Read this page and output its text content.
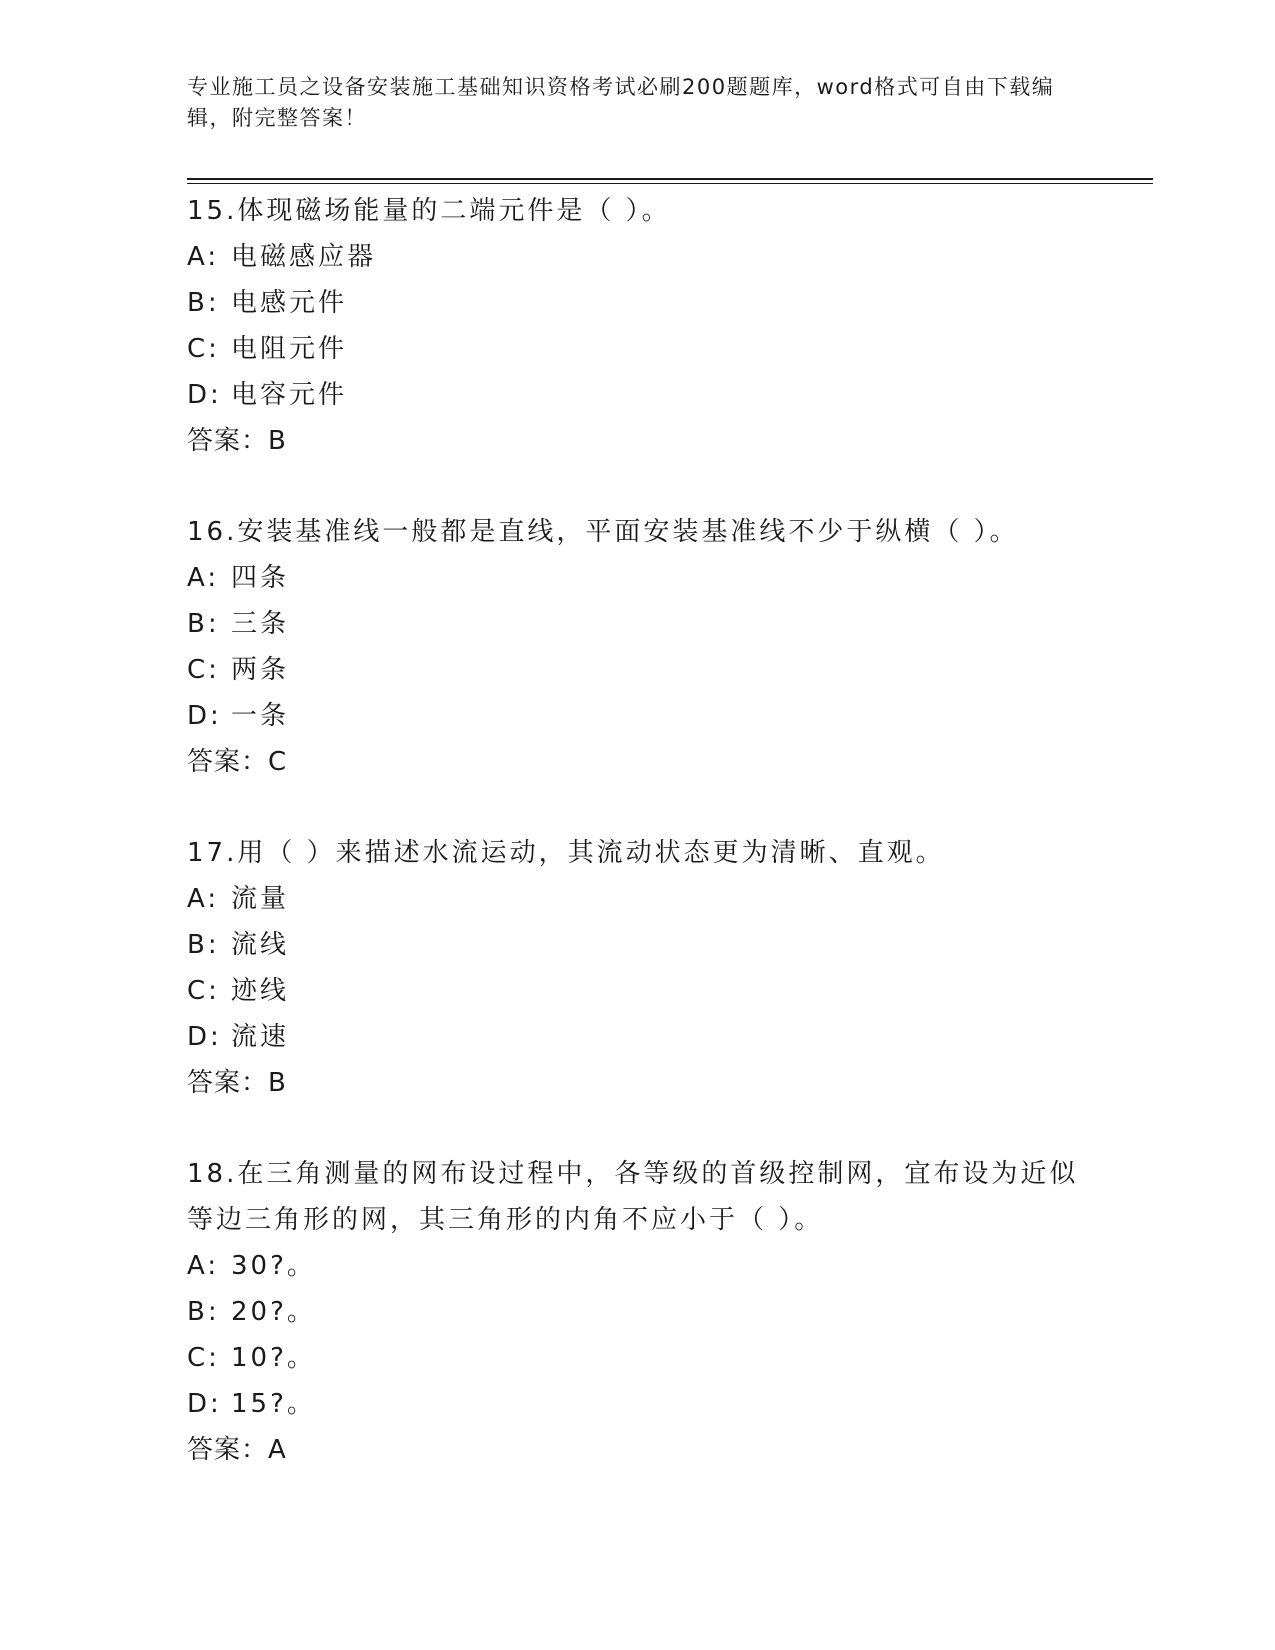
专业施工员之设备安装施工基础知识资格考试必刷200题题库，word格式可自由下载编辑，附完整答案！
15.体现磁场能量的二端元件是（ ）。
A: 电磁感应器
B: 电感元件
C: 电阻元件
D: 电容元件
答案：B
16.安装基准线一般都是直线，平面安装基准线不少于纵横（ ）。
A: 四条
B: 三条
C: 两条
D: 一条
答案：C
17.用（ ）来描述水流运动，其流动状态更为清晰、直观。
A: 流量
B: 流线
C: 迹线
D: 流速
答案：B
18.在三角测量的网布设过程中，各等级的首级控制网，宜布设为近似等边三角形的网，其三角形的内角不应小于（ ）。
A: 30?。
B: 20?。
C: 10?。
D: 15?。
答案：A
